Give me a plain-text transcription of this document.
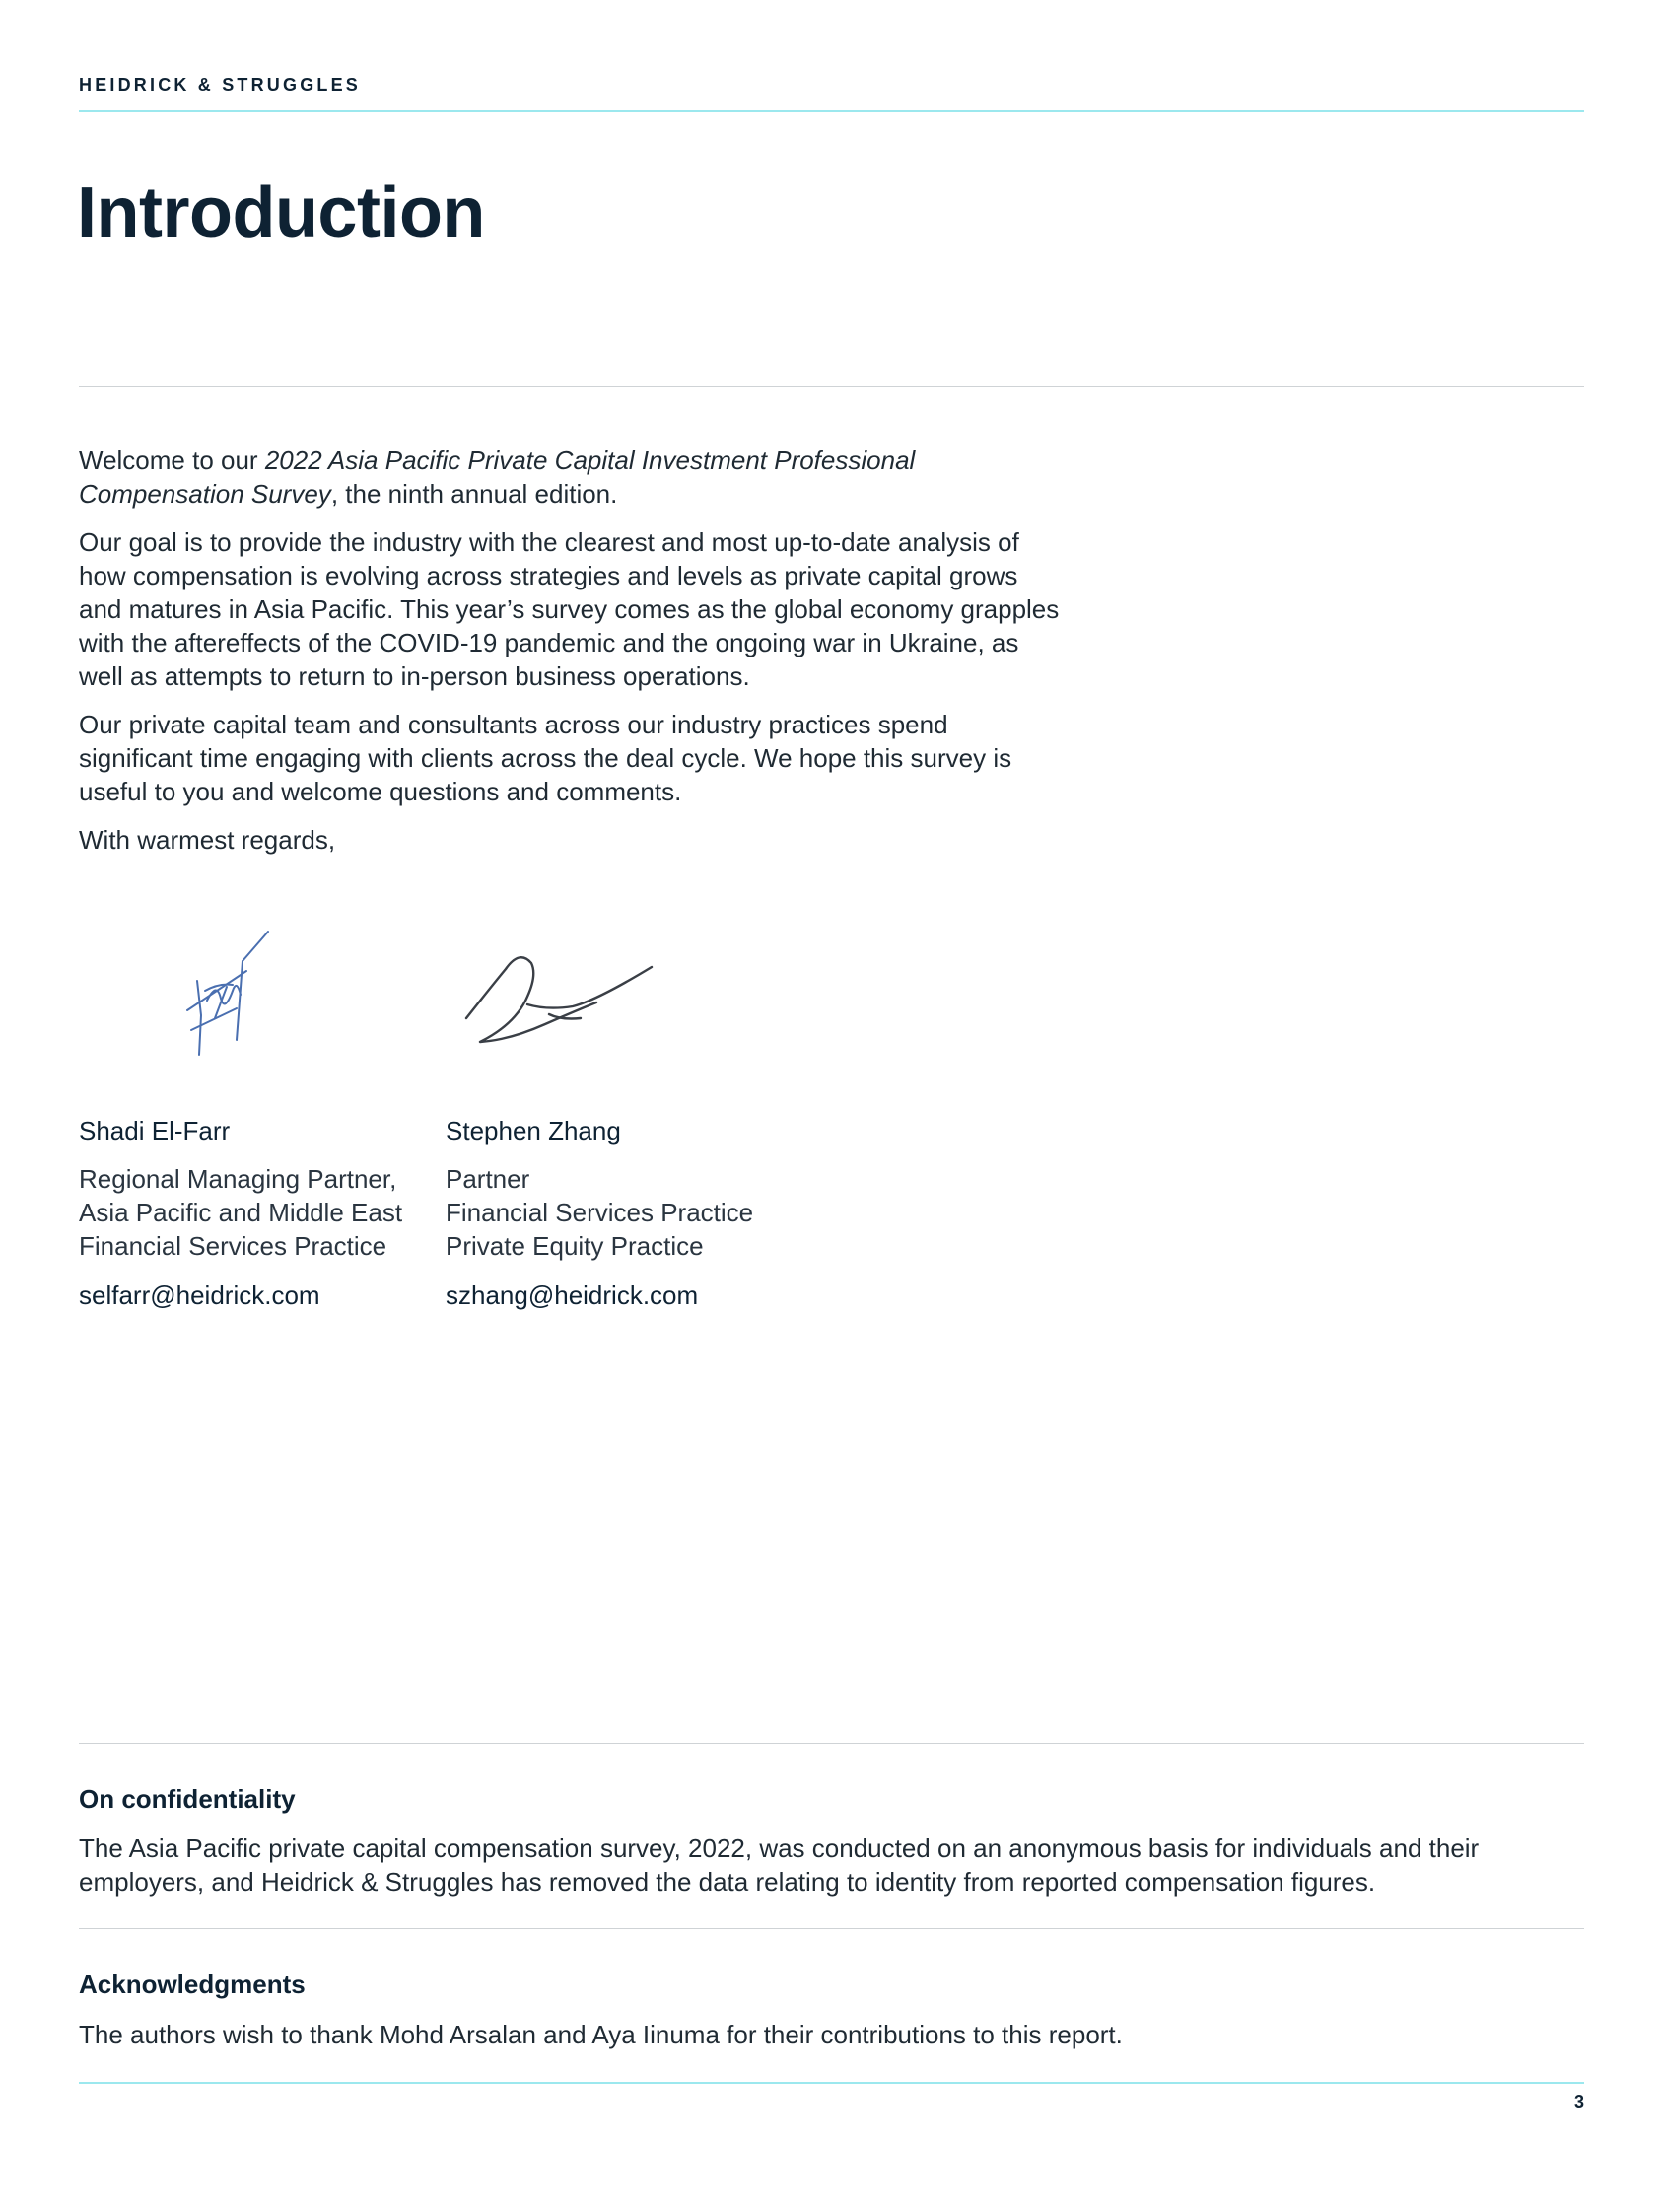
HEIDRICK & STRUGGLES
Introduction

Welcome to our 2022 Asia Pacific Private Capital Investment Professional Compensation Survey, the ninth annual edition.

Our goal is to provide the industry with the clearest and most up-to-date analysis of how compensation is evolving across strategies and levels as private capital grows and matures in Asia Pacific. This year’s survey comes as the global economy grapples with the aftereffects of the COVID-19 pandemic and the ongoing war in Ukraine, as well as attempts to return to in-person business operations.

Our private capital team and consultants across our industry practices spend significant time engaging with clients across the deal cycle. We hope this survey is useful to you and welcome questions and comments.

With warmest regards,

Shadi El-Farr
Regional Managing Partner,
Asia Pacific and Middle East
Financial Services Practice
selfarr@heidrick.com
Stephen Zhang
Partner
Financial Services Practice
Private Equity Practice
szhang@heidrick.com
On confidentiality
The Asia Pacific private capital compensation survey, 2022, was conducted on an anonymous basis for individuals and their employers, and Heidrick & Struggles has removed the data relating to identity from reported compensation figures.
Acknowledgments
The authors wish to thank Mohd Arsalan and Aya Iinuma for their contributions to this report.
3
